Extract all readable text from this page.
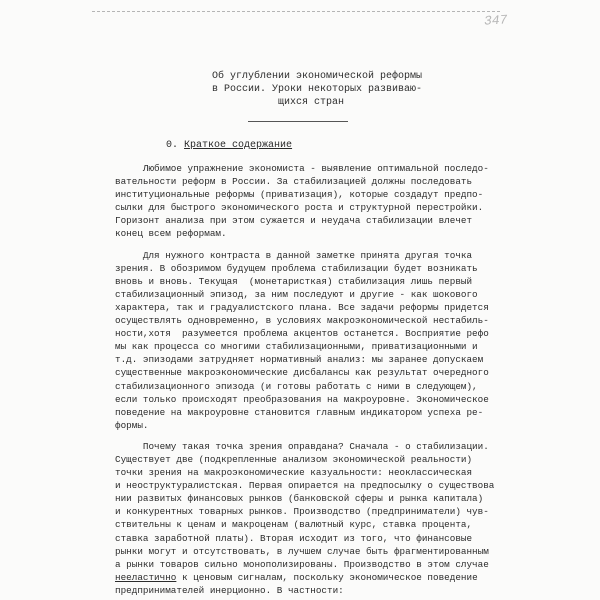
347
Об углублении экономической реформы
в России. Уроки некоторых развиваю-
щихся стран
0. Краткое содержание
Любимое упражнение экономиста - выявление оптимальной последо-
вательности реформ в России. За стабилизацией должны последовать
институциональные реформы (приватизация), которые создадут предпо-
сылки для быстрого экономического роста и структурной перестройки.
Горизонт анализа при этом сужается и неудача стабилизации влечет
конец всем реформам.
Для нужного контраста в данной заметке принята другая точка
зрения. В обозримом будущем проблема стабилизации будет возникать
вновь и вновь. Текущая  (монетаристкая) стабилизация лишь первый
стабилизационный эпизод, за ним последуют и другие - как шокового
характера, так и градуалистского плана. Все задачи реформы придется
осуществлять одновременно, в условиях макроэкономической нестабиль-
ности,хотя  разумеется проблема акцентов останется. Восприятие рефо
мы как процесса со многими стабилизационными, приватизационными и
т.д. эпизодами затрудняет нормативный анализ: мы заранее допускаем
существенные макроэкономические дисбалансы как результат очередного
стабилизационного эпизода (и готовы работать с ними в следующем),
если только происходят преобразования на макроуровне. Экономическое
поведение на макроуровне становится главным индикатором успеха ре-
формы.
Почему такая точка зрения оправдана? Сначала - о стабилизации.
Существует две (подкрепленные анализом экономической реальности)
точки зрения на макроэкономические казуальности: неоклассическая
и неоструктуралистская. Первая опирается на предпосылку о существова
нии развитых финансовых рынков (банковской сферы и рынка капитала)
и конкурентных товарных рынков. Производство (предприниматели) чув-
ствительны к ценам и макроценам (валютный курс, ставка процента,
ставка заработной платы). Вторая исходит из того, что финансовые
рынки могут и отсутствовать, в лучшем случае быть фрагментированным
а рынки товаров сильно монополизированы. Производство в этом случае
нееластично к ценовым сигналам, поскольку экономическое поведение
предпринимателей инерционно. В частности:
